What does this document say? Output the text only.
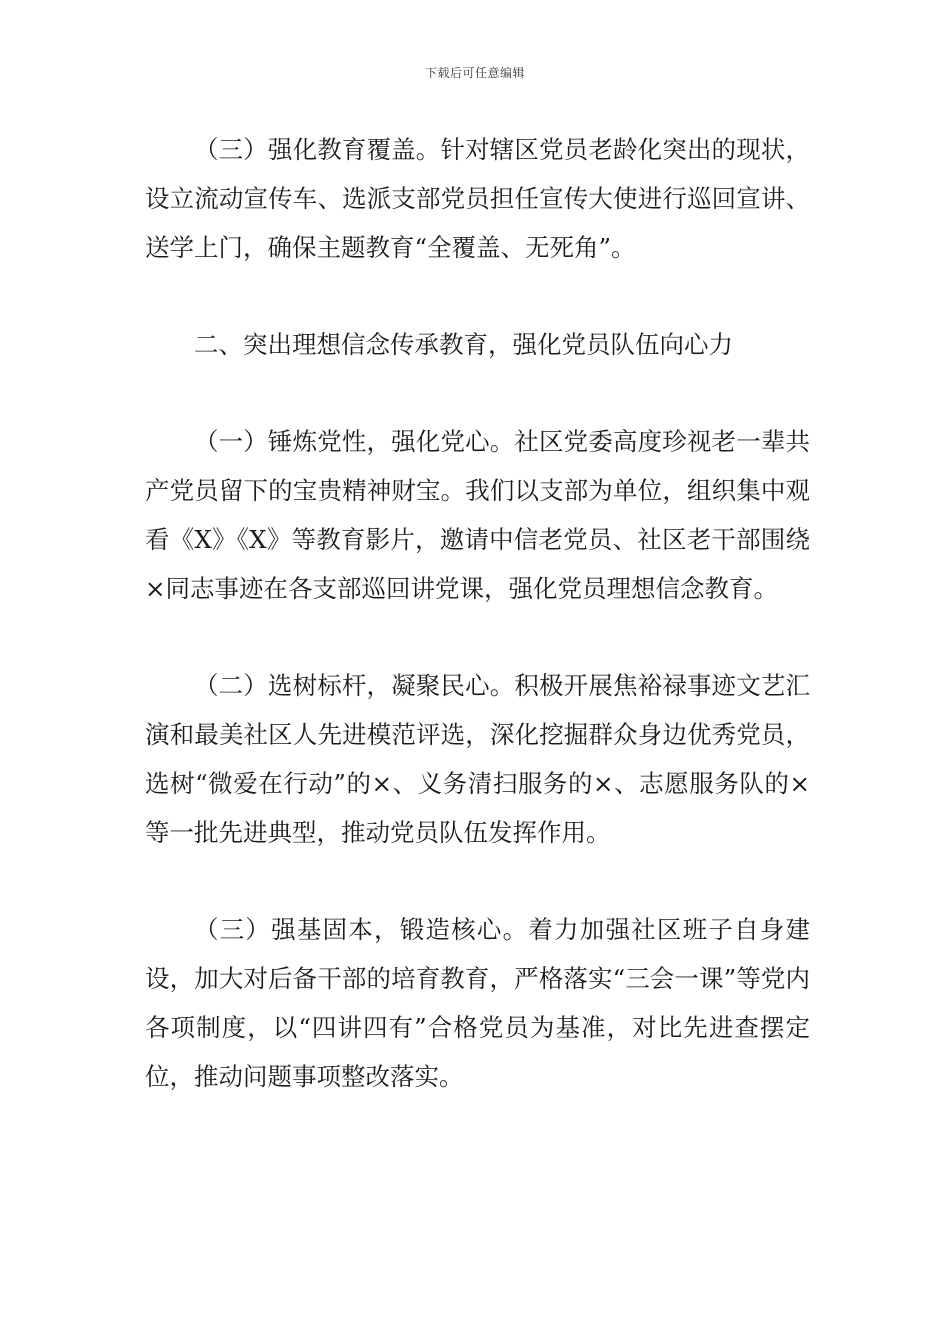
下载后可任意编辑

（三）强化教育覆盖。针对辖区党员老龄化突出的现状，设立流动宣传车、选派支部党员担任宣传大使进行巡回宣讲、送学上门，确保主题教育“全覆盖、无死角”。

二、突出理想信念传承教育，强化党员队伍向心力

（一）锤炼党性，强化党心。社区党委高度珍视老一辈共产党员留下的宝贵精神财宝。我们以支部为单位，组织集中观看《X》《X》等教育影片，邀请中信老党员、社区老干部围绕×同志事迹在各支部巡回讲党课，强化党员理想信念教育。

（二）选树标杆，凝聚民心。积极开展焦裕禄事迹文艺汇演和最美社区人先进模范评选，深化挖掘群众身边优秀党员，选树“微爱在行动”的×、义务清扫服务的×、志愿服务队的×等一批先进典型，推动党员队伍发挥作用。

（三）强基固本，锻造核心。着力加强社区班子自身建设，加大对后备干部的培育教育，严格落实“三会一课”等党内各项制度，以“四讲四有”合格党员为基准，对比先进查摆定位，推动问题事项整改落实。
